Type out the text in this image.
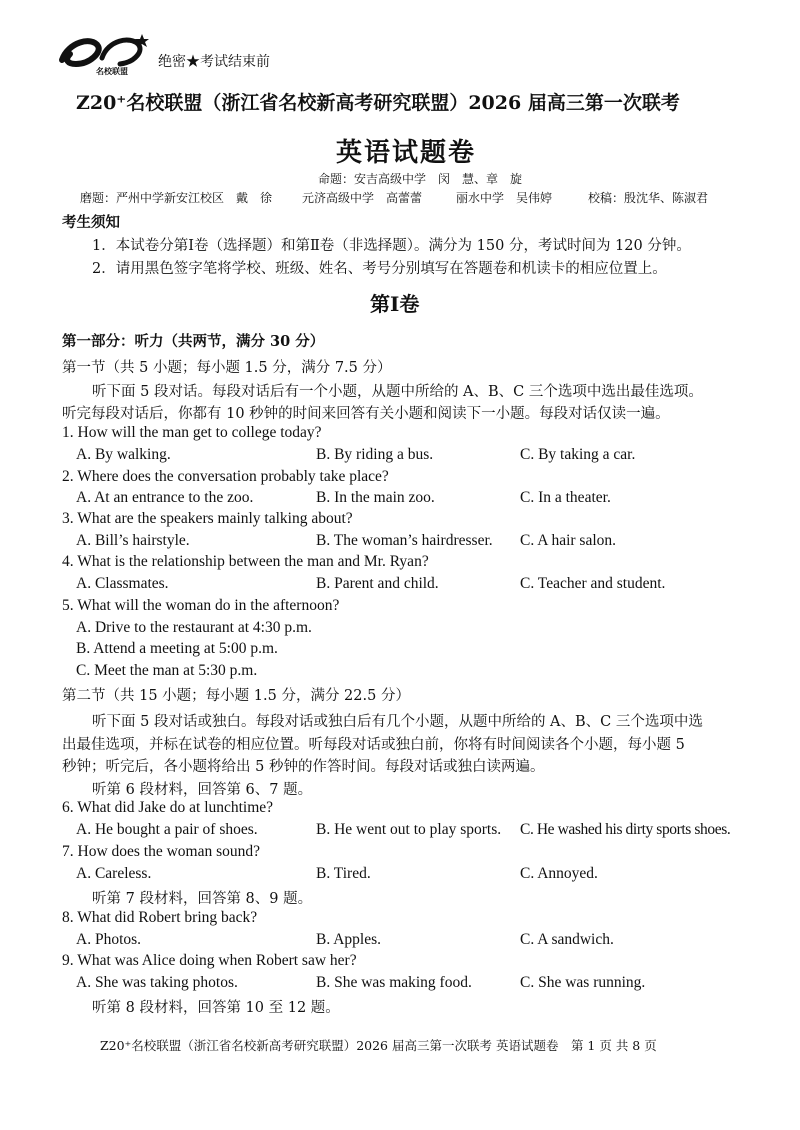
名校联盟
绝密★考试结束前
Z20⁺名校联盟（浙江省名校新高考研究联盟）2026 届高三第一次联考
英语试题卷
命题：安吉高级中学　闵　慧、章　旋
磨题：严州中学新安江校区　戴　徐 元济高级中学　高蕾蕾	丽水中学　吴伟婷	校稿：殷沈华、陈淑君
考生须知
1．本试卷分第Ⅰ卷（选择题）和第Ⅱ卷（非选择题）。满分为 150 分，考试时间为 120 分钟。
2．请用黑色签字笔将学校、班级、姓名、考号分别填写在答题卷和机读卡的相应位置上。
第Ⅰ卷
第一部分：听力（共两节，满分 30 分）
第一节（共 5 小题；每小题 1.5 分，满分 7.5 分）
听下面 5 段对话。每段对话后有一个小题，从题中所给的 A、B、C 三个选项中选出最佳选项。
听完每段对话后，你都有 10 秒钟的时间来回答有关小题和阅读下一小题。每段对话仅读一遍。
1. How will the man get to college today?
A. By walking.	B. By riding a bus.	C. By taking a car.
2. Where does the conversation probably take place?
A. At an entrance to the zoo.	B. In the main zoo.	C. In a theater.
3. What are the speakers mainly talking about?
A. Bill’s hairstyle.	B. The woman’s hairdresser. C. A hair salon.
4. What is the relationship between the man and Mr. Ryan?
A. Classmates.	B. Parent and child.	C. Teacher and student.
5. What will the woman do in the afternoon?
A. Drive to the restaurant at 4:30 p.m.
B. Attend a meeting at 5:00 p.m.
C. Meet the man at 5:30 p.m.
第二节（共 15 小题；每小题 1.5 分，满分 22.5 分）
听下面 5 段对话或独白。每段对话或独白后有几个小题，从题中所给的 A、B、C 三个选项中选
出最佳选项，并标在试卷的相应位置。听每段对话或独白前，你将有时间阅读各个小题，每小题 5
秒钟；听完后，各小题将给出 5 秒钟的作答时间。每段对话或独白读两遍。
听第 6 段材料，回答第 6、7 题。
6. What did Jake do at lunchtime?
A. He bought a pair of shoes.	B. He went out to play sports. C. He washed his dirty sports shoes.
7. How does the woman sound?
A. Careless.	B. Tired.	C. Annoyed.
听第 7 段材料，回答第 8、9 题。
8. What did Robert bring back?
A. Photos.	B. Apples.	C. A sandwich.
9. What was Alice doing when Robert saw her?
A. She was taking photos.	B. She was making food.	C. She was running.
听第 8 段材料，回答第 10 至 12 题。
Z20⁺名校联盟（浙江省名校新高考研究联盟）2026 届高三第一次联考 英语试题卷　第 1 页 共 8 页
